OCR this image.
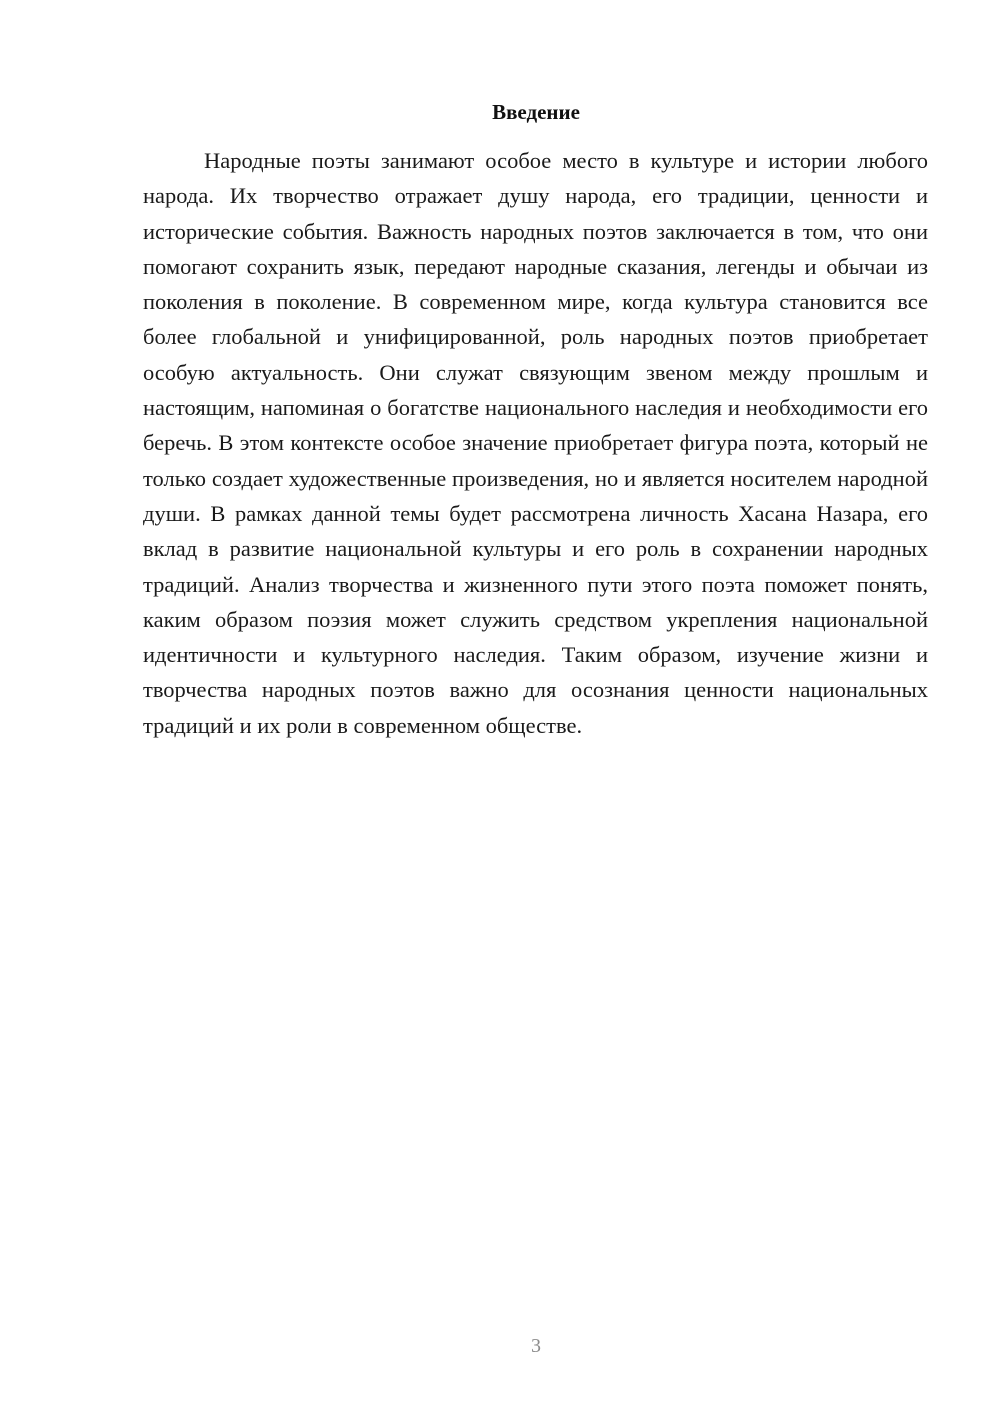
Введение

Народные поэты занимают особое место в культуре и истории любого народа. Их творчество отражает душу народа, его традиции, ценности и исторические события. Важность народных поэтов заключается в том, что они помогают сохранить язык, передают народные сказания, легенды и обычаи из поколения в поколение. В современном мире, когда культура становится все более глобальной и унифицированной, роль народных поэтов приобретает особую актуальность. Они служат связующим звеном между прошлым и настоящим, напоминая о богатстве национального наследия и необходимости его беречь. В этом контексте особое значение приобретает фигура поэта, который не только создает художественные произведения, но и является носителем народной души. В рамках данной темы будет рассмотрена личность Хасана Назара, его вклад в развитие национальной культуры и его роль в сохранении народных традиций. Анализ творчества и жизненного пути этого поэта поможет понять, каким образом поэзия может служить средством укрепления национальной идентичности и культурного наследия. Таким образом, изучение жизни и творчества народных поэтов важно для осознания ценности национальных традиций и их роли в современном обществе.

3
